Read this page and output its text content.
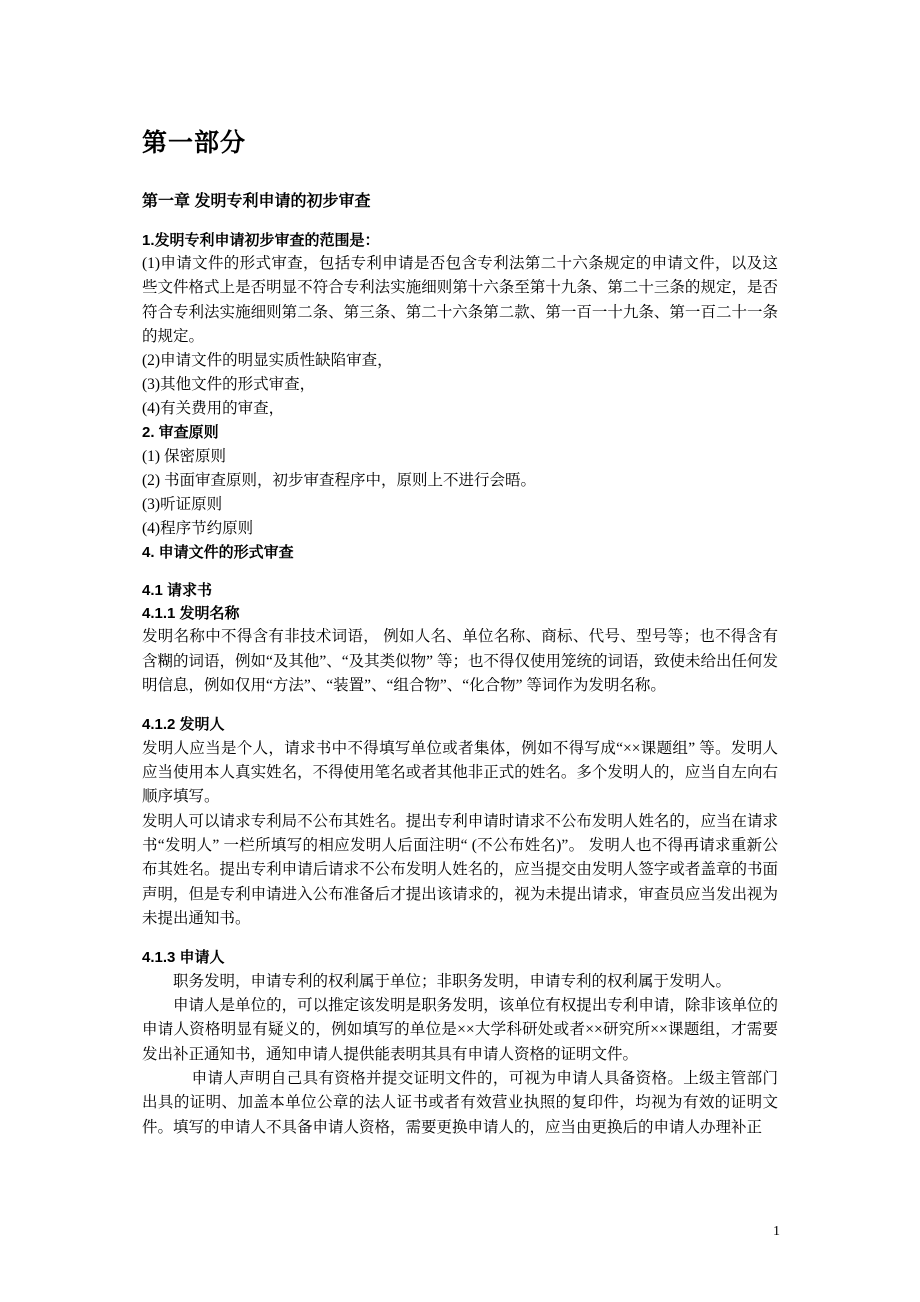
第一部分
第一章 发明专利申请的初步审查

1.发明专利申请初步审查的范围是：

(1)申请文件的形式审查，包括专利申请是否包含专利法第二十六条规定的申请文件，以及这些文件格式上是否明显不符合专利法实施细则第十六条至第十九条、第二十三条的规定，是否符合专利法实施细则第二条、第三条、第二十六条第二款、第一百一十九条、第一百二十一条的规定。

(2)申请文件的明显实质性缺陷审查，

(3)其他文件的形式审查，

(4)有关费用的审查，

2. 审查原则

(1) 保密原则

(2) 书面审查原则，初步审查程序中，原则上不进行会晤。

(3)听证原则

(4)程序节约原则

4. 申请文件的形式审查

4.1 请求书

4.1.1 发明名称

发明名称中不得含有非技术词语， 例如人名、单位名称、商标、代号、型号等；也不得含有含糊的词语，例如“及其他”、“及其类似物” 等；也不得仅使用笼统的词语，致使未给出任何发明信息，例如仅用“方法”、“装置”、“组合物”、“化合物” 等词作为发明名称。

4.1.2 发明人

发明人应当是个人，请求书中不得填写单位或者集体，例如不得写成“××课题组” 等。发明人应当使用本人真实姓名，不得使用笔名或者其他非正式的姓名。多个发明人的，应当自左向右顺序填写。

发明人可以请求专利局不公布其姓名。提出专利申请时请求不公布发明人姓名的，应当在请求书“发明人” 一栏所填写的相应发明人后面注明“ (不公布姓名)”。 发明人也不得再请求重新公布其姓名。提出专利申请后请求不公布发明人姓名的，应当提交由发明人签字或者盖章的书面声明，但是专利申请进入公布准备后才提出该请求的，视为未提出请求，审查员应当发出视为未提出通知书。

4.1.3 申请人

职务发明，申请专利的权利属于单位；非职务发明，申请专利的权利属于发明人。

申请人是单位的，可以推定该发明是职务发明，该单位有权提出专利申请，除非该单位的申请人资格明显有疑义的，例如填写的单位是××大学科研处或者××研究所××课题组，才需要发出补正通知书，通知申请人提供能表明其具有申请人资格的证明文件。

申请人声明自己具有资格并提交证明文件的，可视为申请人具备资格。上级主管部门出具的证明、加盖本单位公章的法人证书或者有效营业执照的复印件，均视为有效的证明文件。填写的申请人不具备申请人资格，需要更换申请人的，应当由更换后的申请人办理补正

1
